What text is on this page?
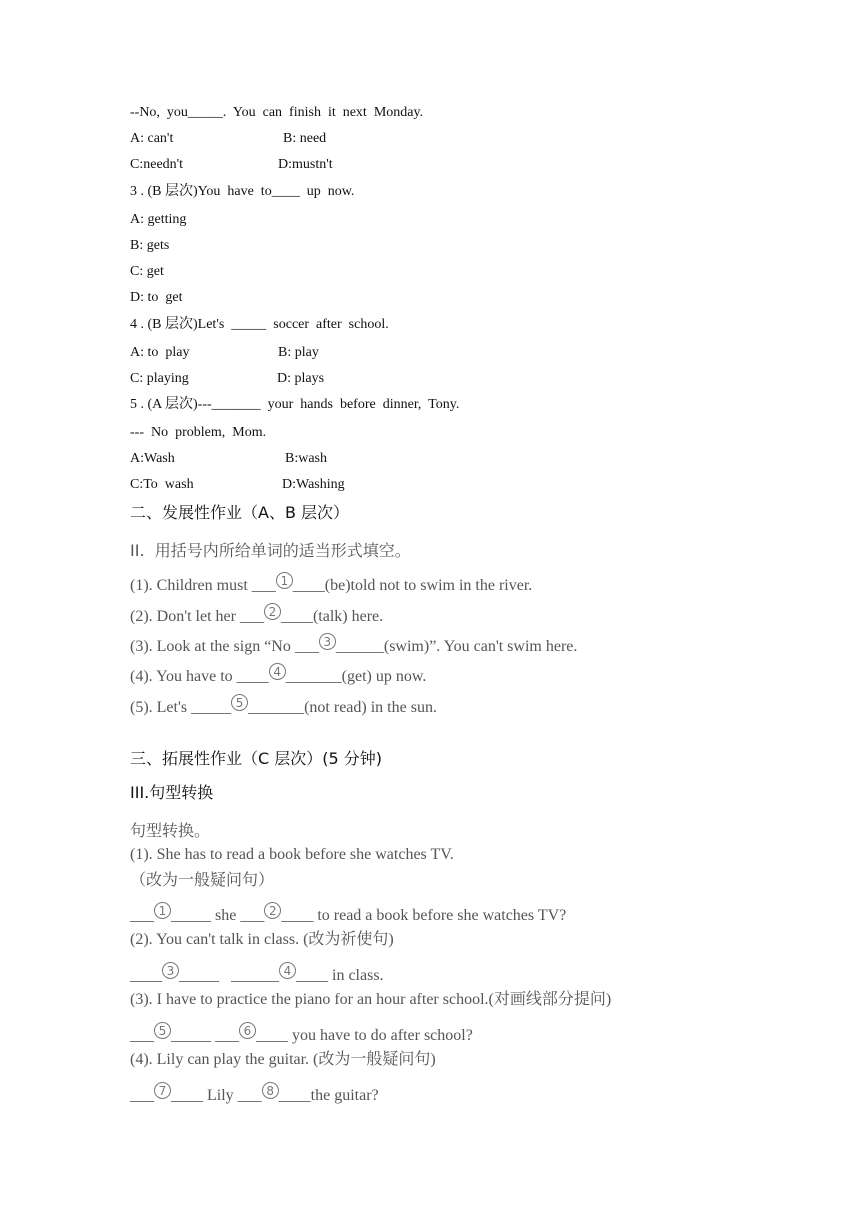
--No,  you_____.  You  can  finish  it  next  Monday.
A: can't	B: need
C:needn't	D:mustn't
3 . (B 层次)You  have  to____  up  now.
A: getting
B: gets
C: get
D: to  get
4 . (B 层次)Let's  _____  soccer  after  school.
A: to  play	B: play
C: playing	D: plays
5 . (A 层次)---_______  your  hands  before  dinner,  Tony.
---  No  problem,  Mom.
A:Wash	B:wash
C:To  wash	D:Washing
二、发展性作业（A、B 层次）
II.  用括号内所给单词的适当形式填空。
(1). Children must ___ 1 ____(be)told not to swim in the river.
(2). Don't let her ___ 2 ____(talk) here.
(3). Look at the sign “No ___ 3 ______(swim)”. You can't swim here.
(4). You have to ____ 4 _______(get) up now.
(5). Let's _____ 5 _______(not read) in the sun.
三、拓展性作业（C 层次）(5 分钟)
III.句型转换
句型转换。
(1). She has to read a book before she watches TV.
（改为一般疑问句）
___ 1 _____ she ___ 2 ____ to read a book before she watches TV?
(2). You can't talk in class. (改为祈使句)
____ 3 _____   ______ 4 ____ in class.
(3). I have to practice the piano for an hour after school.(对画线部分提问)
___ 5 _____ ___ 6 ____ you have to do after school?
(4). Lily can play the guitar. (改为一般疑问句)
___ 7 ____ Lily ___ 8 ____the guitar?
